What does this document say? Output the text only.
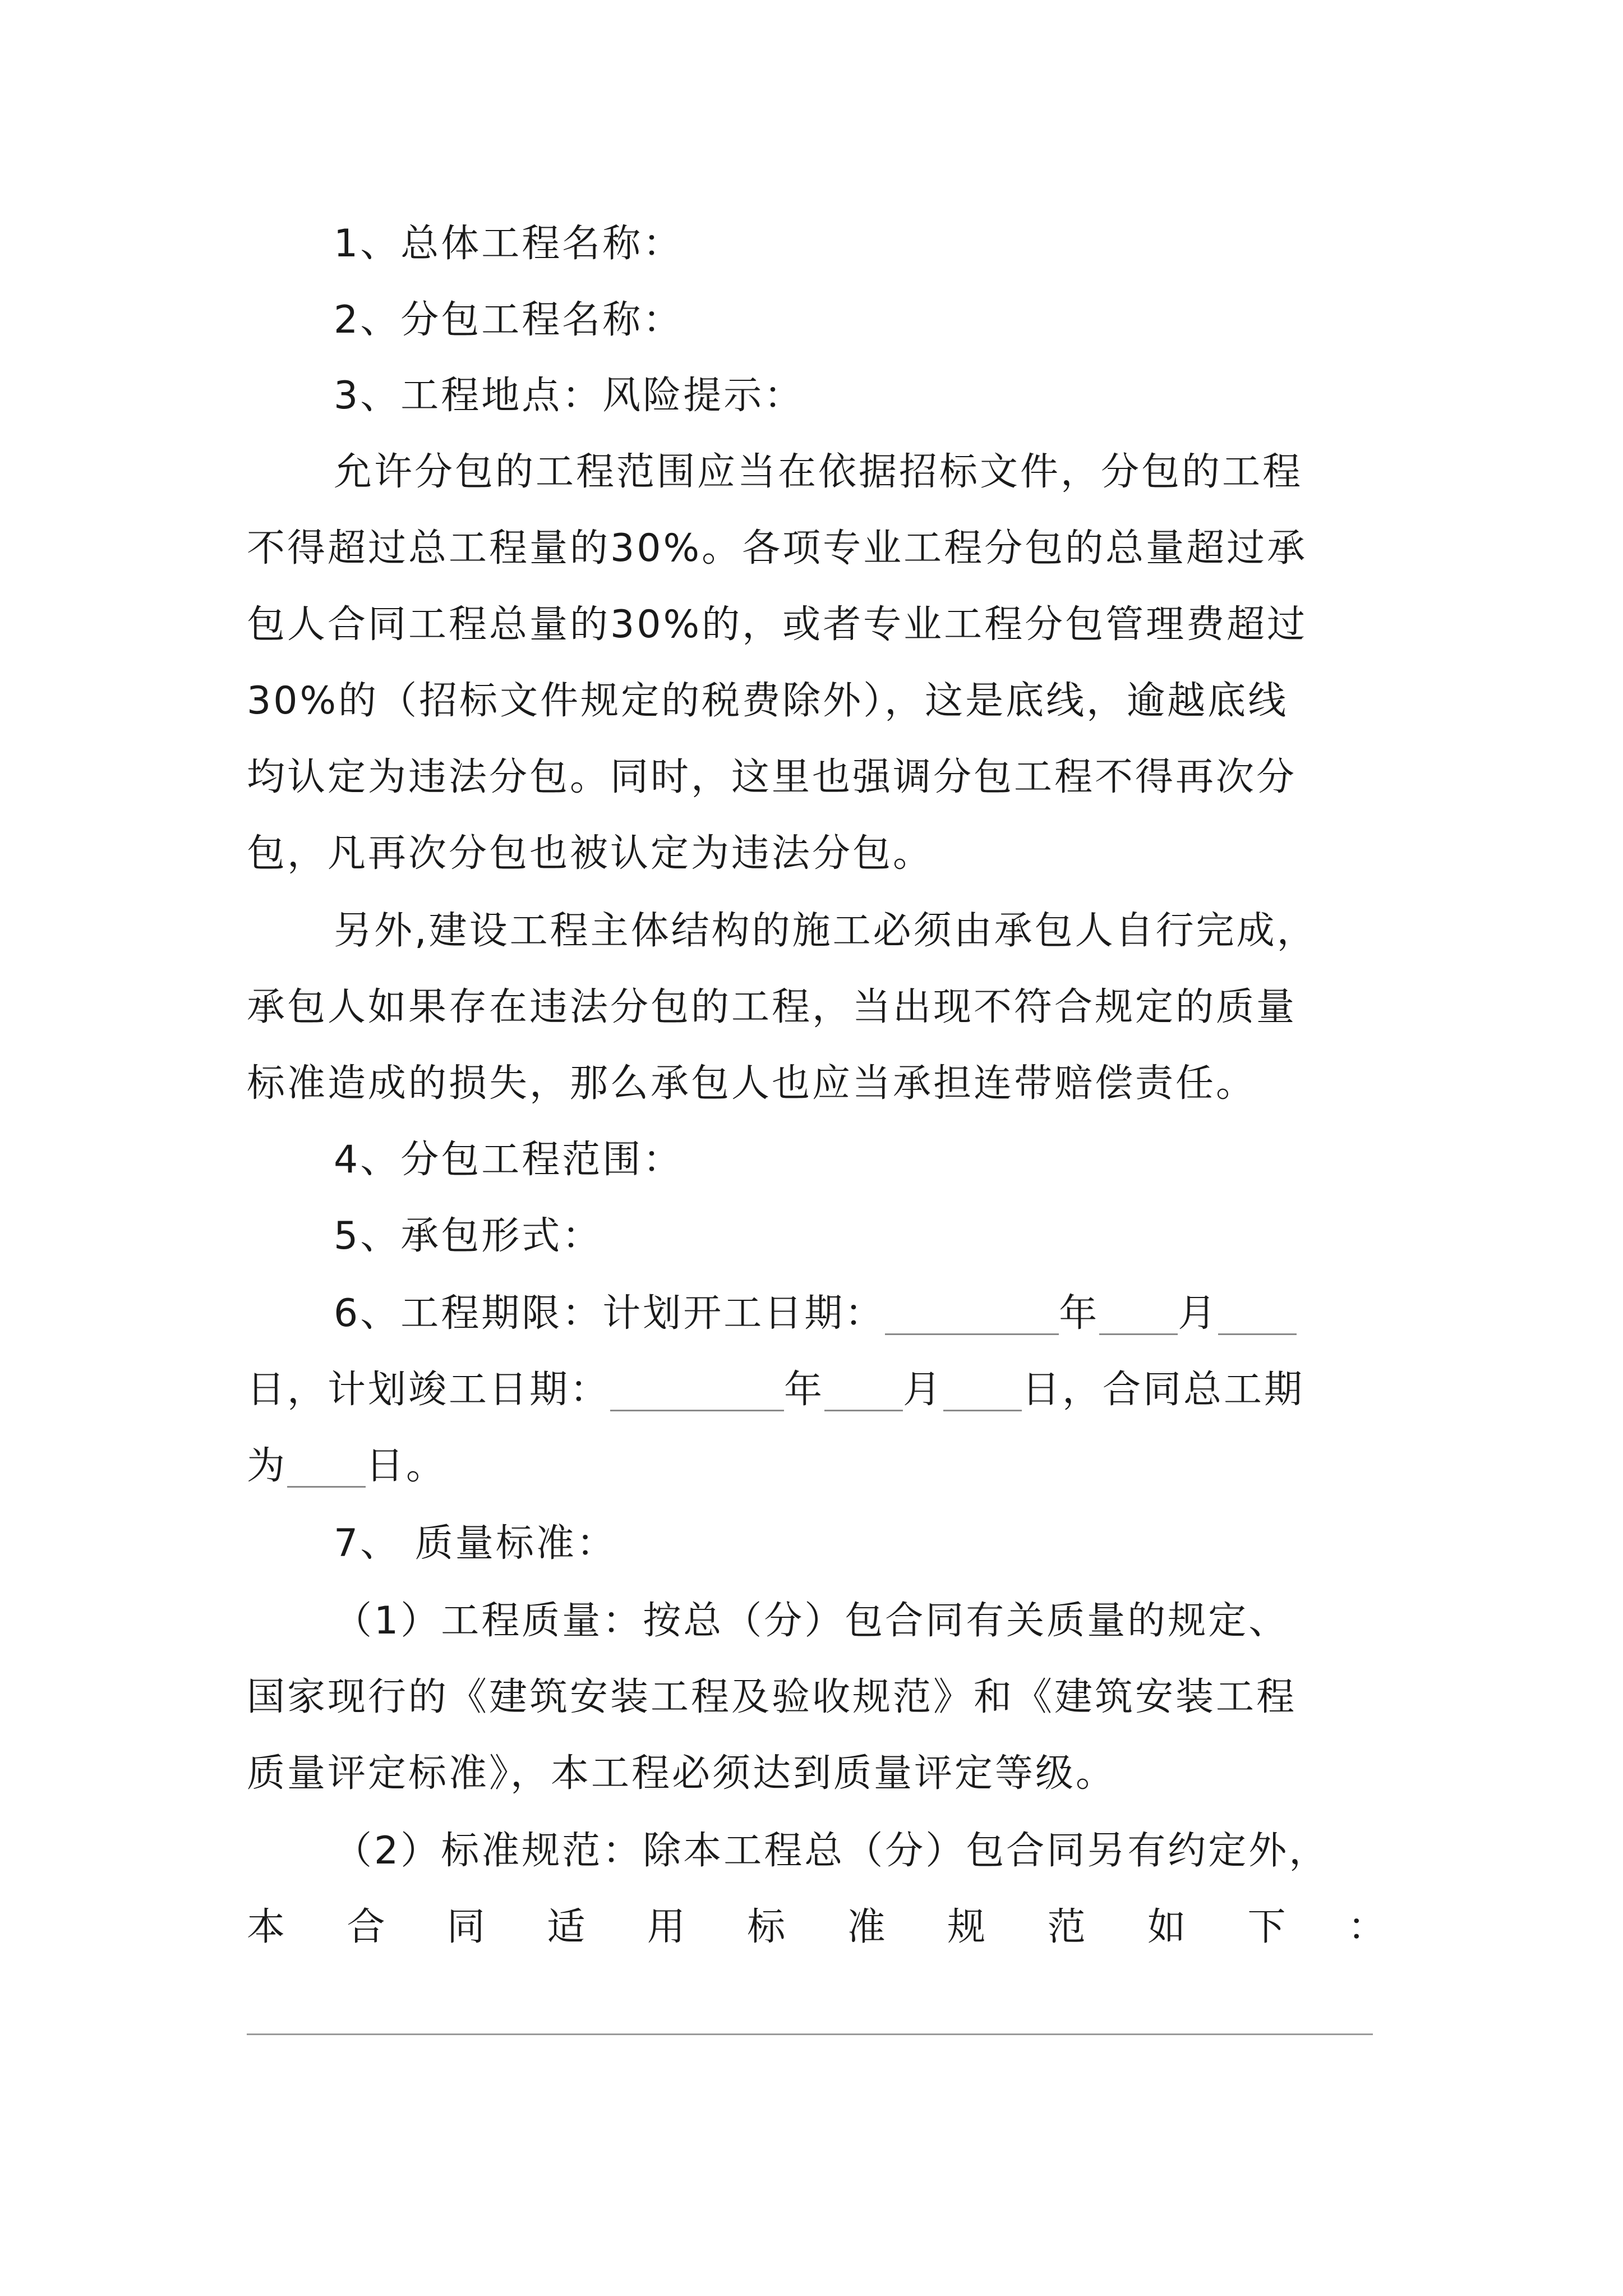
1、总体工程名称：
2、分包工程名称：
3、工程地点：风险提示：
允许分包的工程范围应当在依据招标文件，分包的工程
不得超过总工程量的30%。各项专业工程分包的总量超过承
包人合同工程总量的30%的，或者专业工程分包管理费超过
30%的（招标文件规定的税费除外），这是底线，逾越底线
均认定为违法分包。同时，这里也强调分包工程不得再次分
包，凡再次分包也被认定为违法分包。
另外,建设工程主体结构的施工必须由承包人自行完成，
承包人如果存在违法分包的工程，当出现不符合规定的质量
标准造成的损失，那么承包人也应当承担连带赔偿责任。
4、分包工程范围：
5、承包形式：
6、工程期限：计划开工日期：	年 月
日，计划竣工日期：	年 月 日，合同总工期
为 日。
7、 质量标准：
（1）工程质量：按总（分）包合同有关质量的规定、
国家现行的《建筑安装工程及验收规范》和《建筑安装工程
质量评定标准》，本工程必须达到质量评定等级。
（2）标准规范：除本工程总（分）包合同另有约定外，
本 合 同 适 用 标 准 规 范 如 下 ：
